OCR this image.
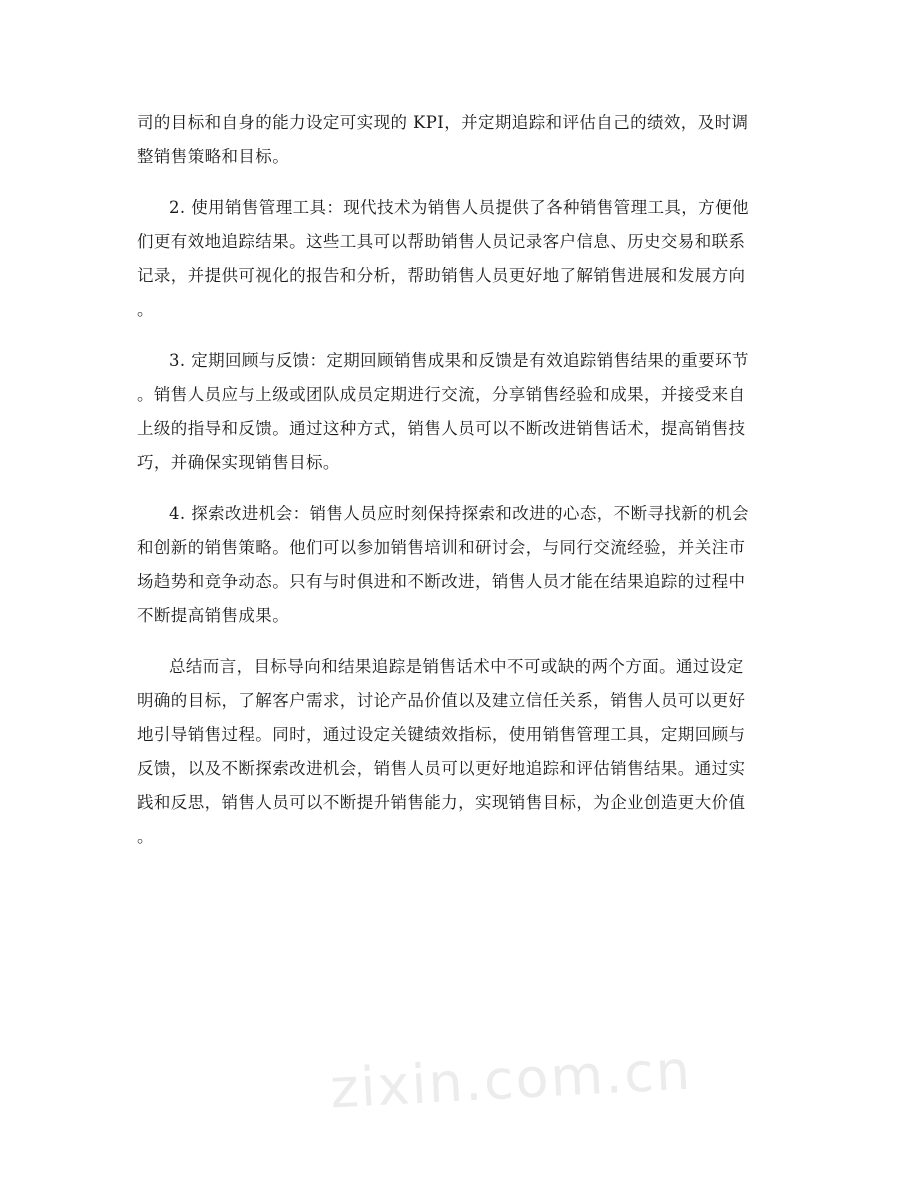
司的目标和自身的能力设定可实现的 KPI，并定期追踪和评估自己的绩效，及时调
整销售策略和目标。
2. 使用销售管理工具：现代技术为销售人员提供了各种销售管理工具，方便他
们更有效地追踪结果。这些工具可以帮助销售人员记录客户信息、历史交易和联系
记录，并提供可视化的报告和分析，帮助销售人员更好地了解销售进展和发展方向
。
3. 定期回顾与反馈：定期回顾销售成果和反馈是有效追踪销售结果的重要环节
。销售人员应与上级或团队成员定期进行交流，分享销售经验和成果，并接受来自
上级的指导和反馈。通过这种方式，销售人员可以不断改进销售话术，提高销售技
巧，并确保实现销售目标。
4. 探索改进机会：销售人员应时刻保持探索和改进的心态，不断寻找新的机会
和创新的销售策略。他们可以参加销售培训和研讨会，与同行交流经验，并关注市
场趋势和竞争动态。只有与时俱进和不断改进，销售人员才能在结果追踪的过程中
不断提高销售成果。
总结而言，目标导向和结果追踪是销售话术中不可或缺的两个方面。通过设定
明确的目标，了解客户需求，讨论产品价值以及建立信任关系，销售人员可以更好
地引导销售过程。同时，通过设定关键绩效指标，使用销售管理工具，定期回顾与
反馈，以及不断探索改进机会，销售人员可以更好地追踪和评估销售结果。通过实
践和反思，销售人员可以不断提升销售能力，实现销售目标，为企业创造更大价值
。
zixin.com.cn
